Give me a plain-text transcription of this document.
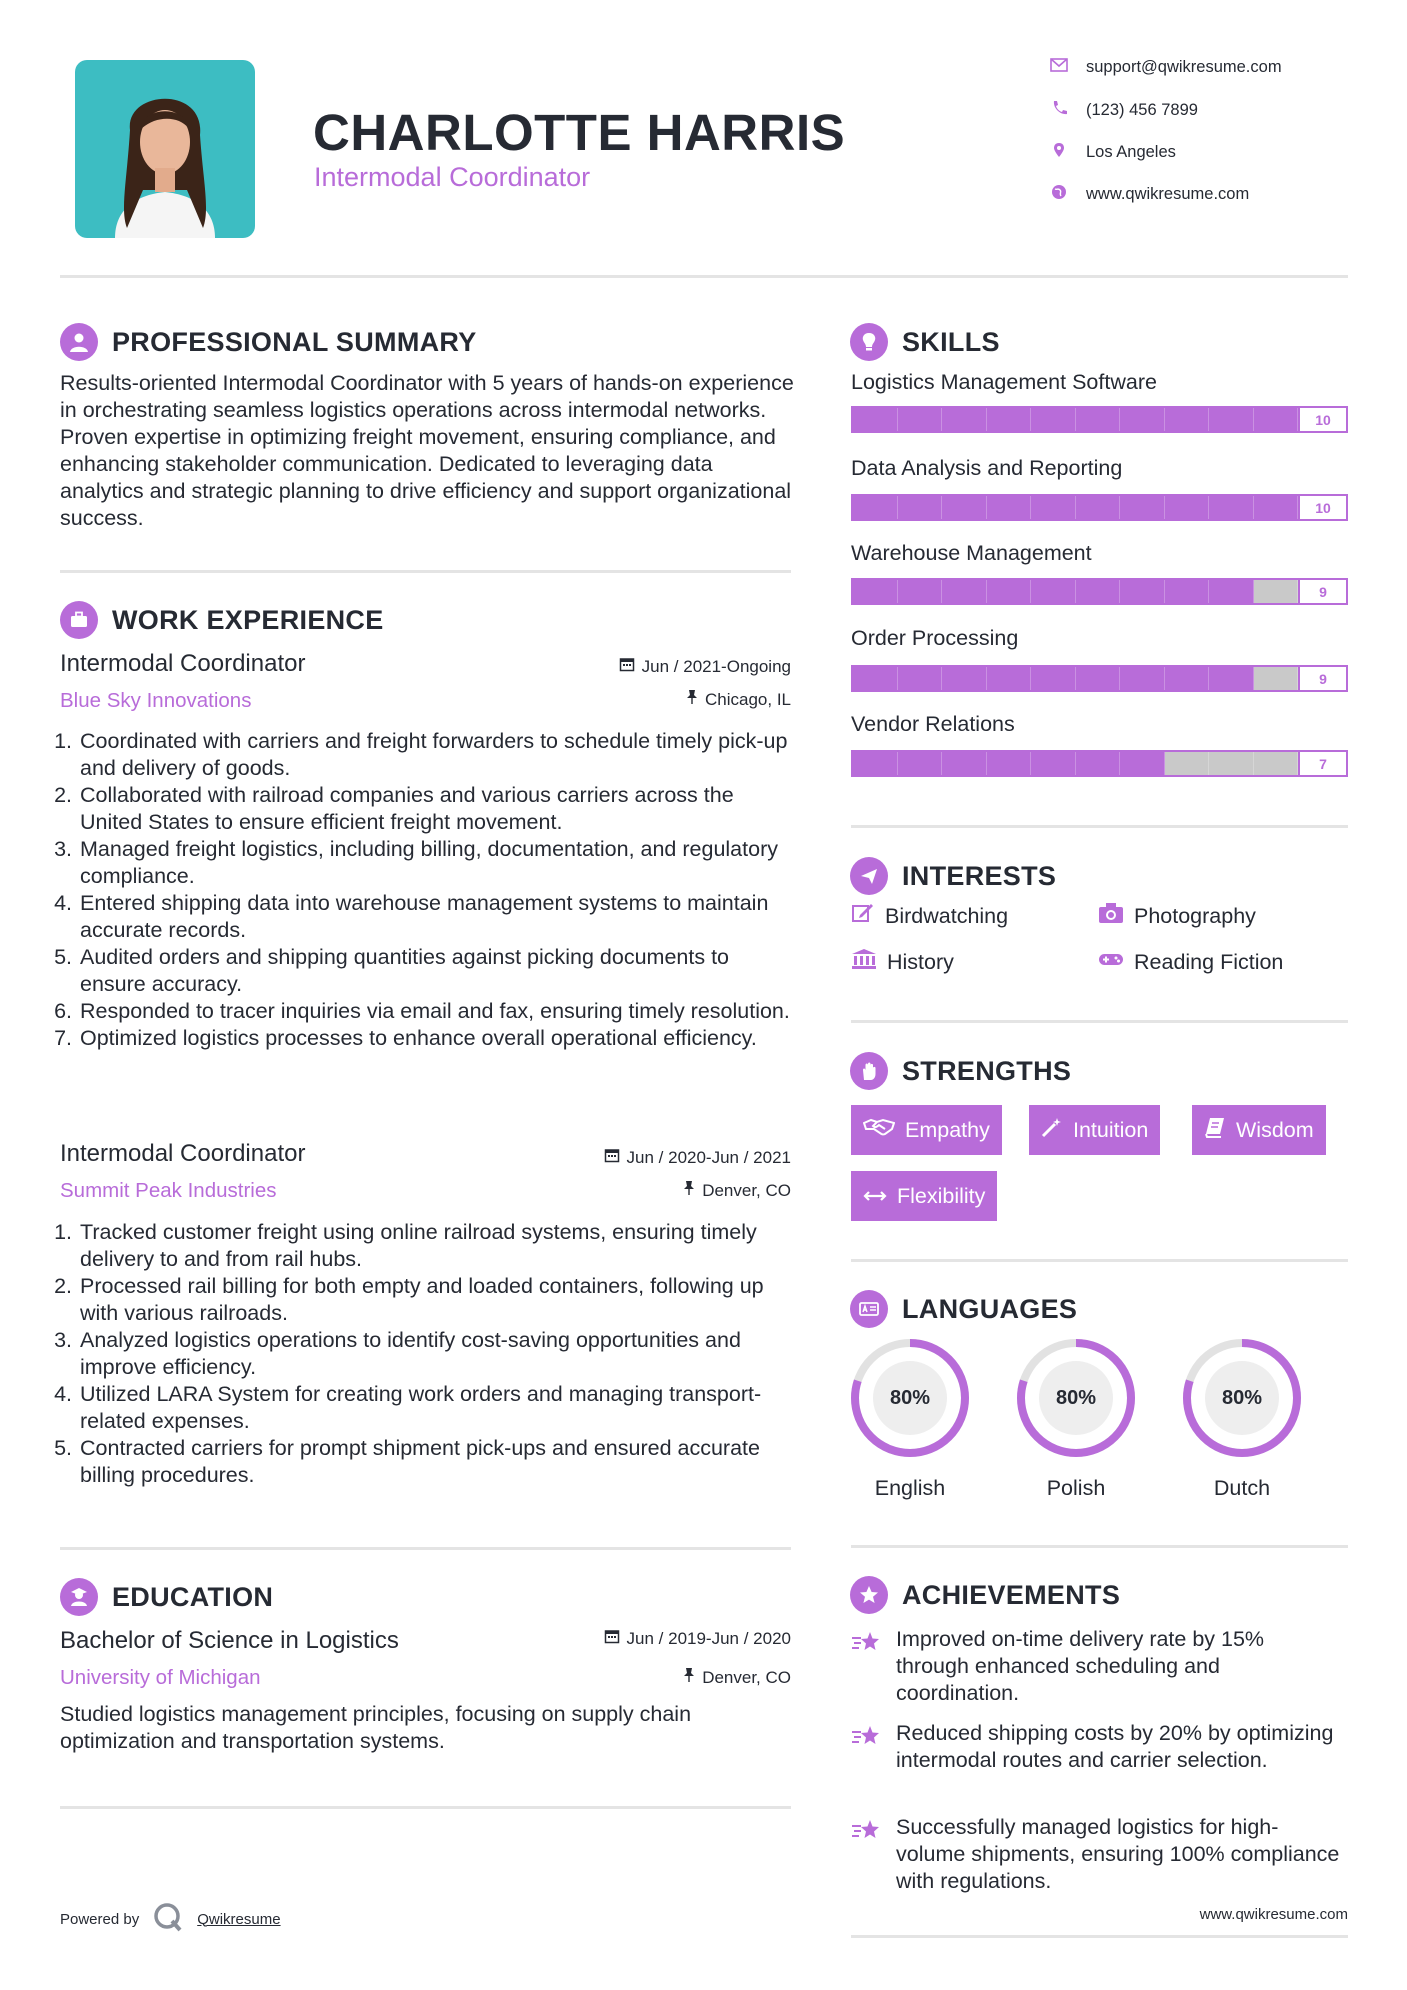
CHARLOTTE HARRIS
Intermodal Coordinator
support@qwikresume.com
(123) 456 7899
Los Angeles
www.qwikresume.com
PROFESSIONAL SUMMARY
Results-oriented Intermodal Coordinator with 5 years of hands-on experience in orchestrating seamless logistics operations across intermodal networks. Proven expertise in optimizing freight movement, ensuring compliance, and enhancing stakeholder communication. Dedicated to leveraging data analytics and strategic planning to drive efficiency and support organizational success.
WORK EXPERIENCE
Intermodal Coordinator
Blue Sky Innovations
Jun / 2021-Ongoing
Chicago, IL
1. Coordinated with carriers and freight forwarders to schedule timely pick-up and delivery of goods.
2. Collaborated with railroad companies and various carriers across the United States to ensure efficient freight movement.
3. Managed freight logistics, including billing, documentation, and regulatory compliance.
4. Entered shipping data into warehouse management systems to maintain accurate records.
5. Audited orders and shipping quantities against picking documents to ensure accuracy.
6. Responded to tracer inquiries via email and fax, ensuring timely resolution.
7. Optimized logistics processes to enhance overall operational efficiency.
Intermodal Coordinator
Summit Peak Industries
Jun / 2020-Jun / 2021
Denver, CO
1. Tracked customer freight using online railroad systems, ensuring timely delivery to and from rail hubs.
2. Processed rail billing for both empty and loaded containers, following up with various railroads.
3. Analyzed logistics operations to identify cost-saving opportunities and improve efficiency.
4. Utilized LARA System for creating work orders and managing transport-related expenses.
5. Contracted carriers for prompt shipment pick-ups and ensured accurate billing procedures.
EDUCATION
Bachelor of Science in Logistics
University of Michigan
Jun / 2019-Jun / 2020
Denver, CO
Studied logistics management principles, focusing on supply chain optimization and transportation systems.
Powered by	Qwikresume
SKILLS
Logistics Management Software
10
Data Analysis and Reporting
10
Warehouse Management
9
Order Processing
9
Vendor Relations
7
INTERESTS
Birdwatching	Photography
History	Reading Fiction
STRENGTHS
Empathy	Intuition	Wisdom
Flexibility
LANGUAGES
80%
English
80%
Polish
80%
Dutch
ACHIEVEMENTS
Improved on-time delivery rate by 15% through enhanced scheduling and coordination.
Reduced shipping costs by 20% by optimizing intermodal routes and carrier selection.
Successfully managed logistics for high-volume shipments, ensuring 100% compliance with regulations.
www.qwikresume.com
